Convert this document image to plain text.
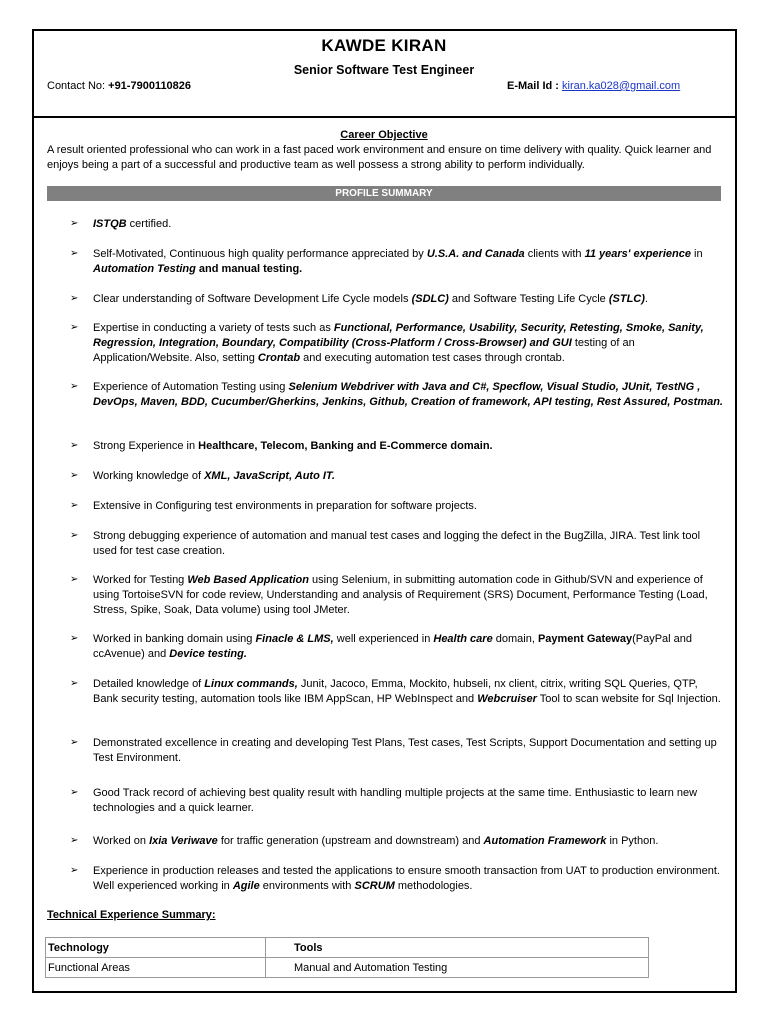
KAWDE KIRAN
Senior Software Test Engineer
Contact No: +91-7900110826	E-Mail Id : kiran.ka028@gmail.com
Career Objective
A result oriented professional who can work in a fast paced work environment and ensure on time delivery with quality. Quick learner and enjoys being a part of a successful and productive team as well possess a strong ability to perform individually.
PROFILE SUMMARY
➢ ISTQB certified.
➢ Self-Motivated, Continuous high quality performance appreciated by U.S.A. and Canada clients with 11 years' experience in Automation Testing and manual testing.
➢ Clear understanding of Software Development Life Cycle models (SDLC) and Software Testing Life Cycle (STLC).
➢ Expertise in conducting a variety of tests such as Functional, Performance, Usability, Security, Retesting, Smoke, Sanity, Regression, Integration, Boundary, Compatibility (Cross-Platform / Cross-Browser) and GUI testing of an Application/Website. Also, setting Crontab and executing automation test cases through crontab.
➢ Experience of Automation Testing using Selenium Webdriver with Java and C#, Specflow, Visual Studio, JUnit, TestNG , DevOps, Maven, BDD, Cucumber/Gherkins, Jenkins, Github, Creation of framework, API testing, Rest Assured, Postman.
➢ Strong Experience in Healthcare, Telecom, Banking and E-Commerce domain.
➢ Working knowledge of XML, JavaScript, Auto IT.
➢ Extensive in Configuring test environments in preparation for software projects.
➢ Strong debugging experience of automation and manual test cases and logging the defect in the BugZilla, JIRA. Test link tool used for test case creation.
➢ Worked for Testing Web Based Application using Selenium, in submitting automation code in Github/SVN and experience of using TortoiseSVN for code review, Understanding and analysis of Requirement (SRS) Document, Performance Testing (Load, Stress, Spike, Soak, Data volume) using tool JMeter.
➢ Worked in banking domain using Finacle & LMS, well experienced in Health care domain, Payment Gateway(PayPal and ccAvenue) and Device testing.
➢ Detailed knowledge of Linux commands, Junit, Jacoco, Emma, Mockito, hubseli, nx client, citrix, writing SQL Queries, QTP, Bank security testing, automation tools like IBM AppScan, HP WebInspect and Webcruiser Tool to scan website for Sql Injection.
➢ Demonstrated excellence in creating and developing Test Plans, Test cases, Test Scripts, Support Documentation and setting up Test Environment.
➢ Good Track record of achieving best quality result with handling multiple projects at the same time. Enthusiastic to learn new technologies and a quick learner.
➢ Worked on Ixia Veriwave for traffic generation (upstream and downstream) and Automation Framework in Python.
➢ Experience in production releases and tested the applications to ensure smooth transaction from UAT to production environment. Well experienced working in Agile environments with SCRUM methodologies.
Technical Experience Summary:
Technology	Tools
Functional Areas	Manual and Automation Testing
